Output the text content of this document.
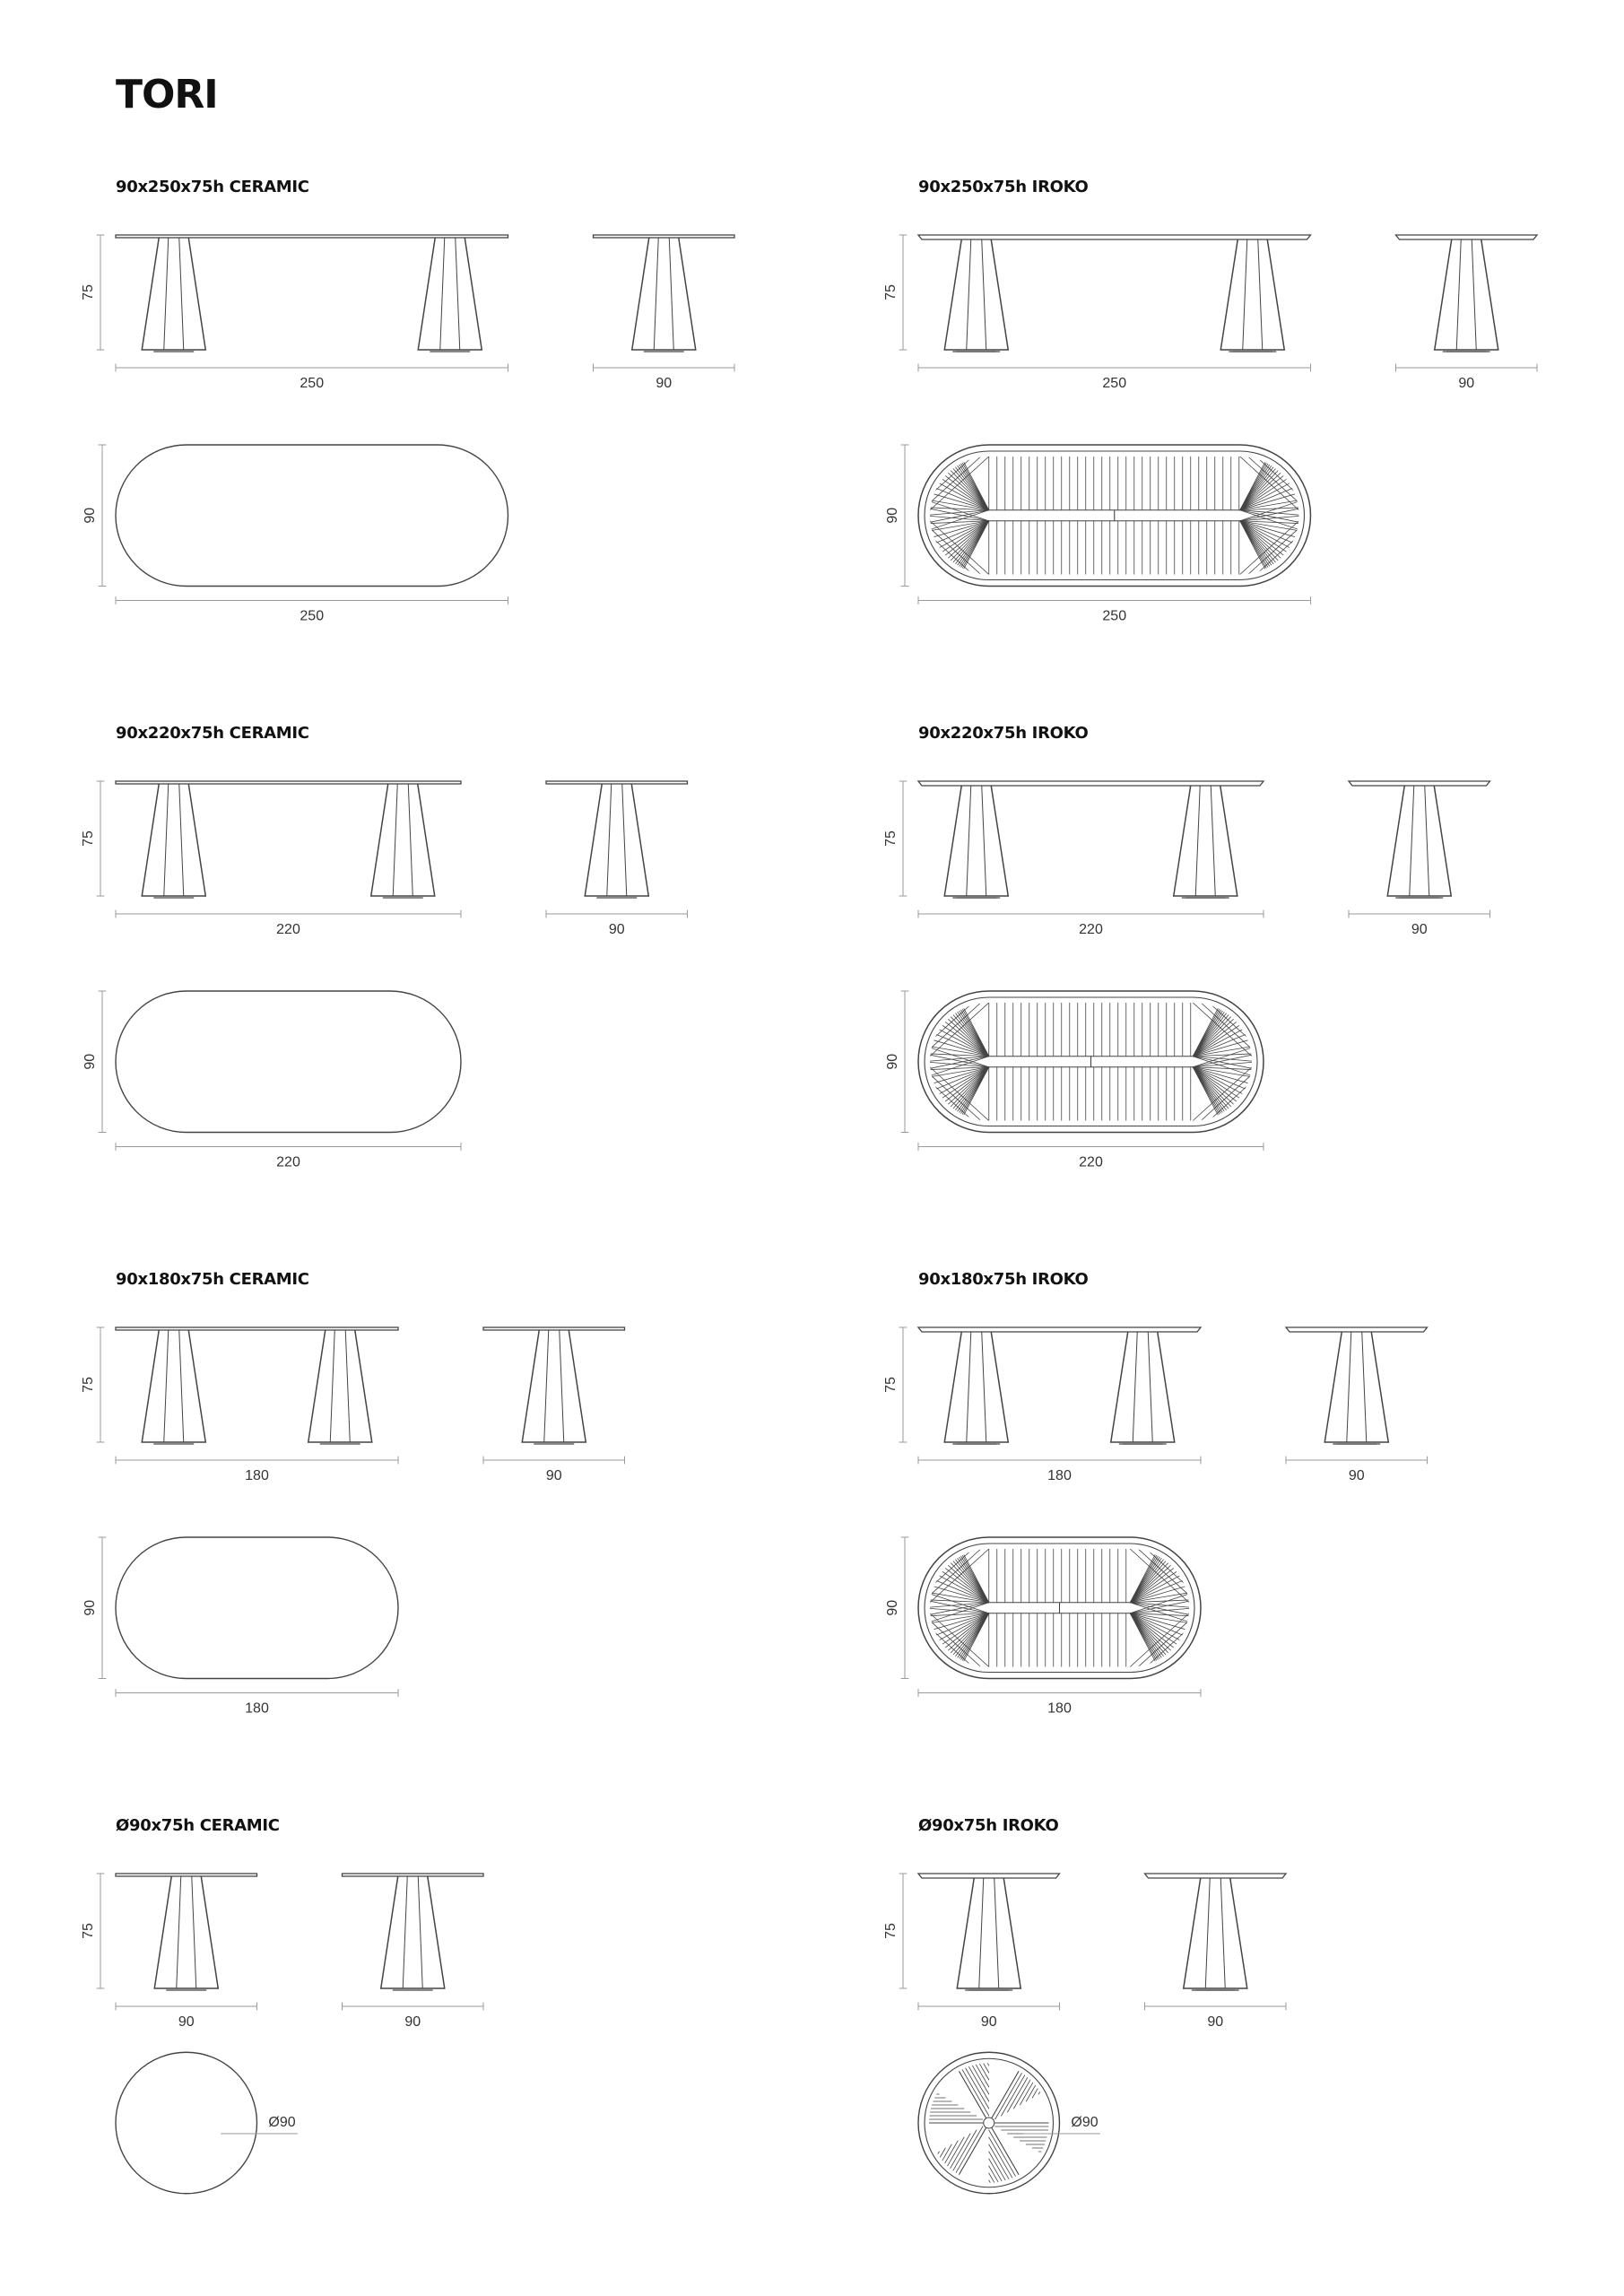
TORI
90x250x75h CERAMIC	90x250x75h IROKO
90x220x75h CERAMIC	90x220x75h IROKO
90x180x75h CERAMIC	90x180x75h IROKO
Ø90x75h CERAMIC	Ø90x75h IROKO
250
75
90
90
250
250
75
90
90
250
220
75
90
90
220
220
75
90
90
220
180
75
90
90
180
180
75
90
90
180
90
75
90
Ø90
90
75
90
Ø90
